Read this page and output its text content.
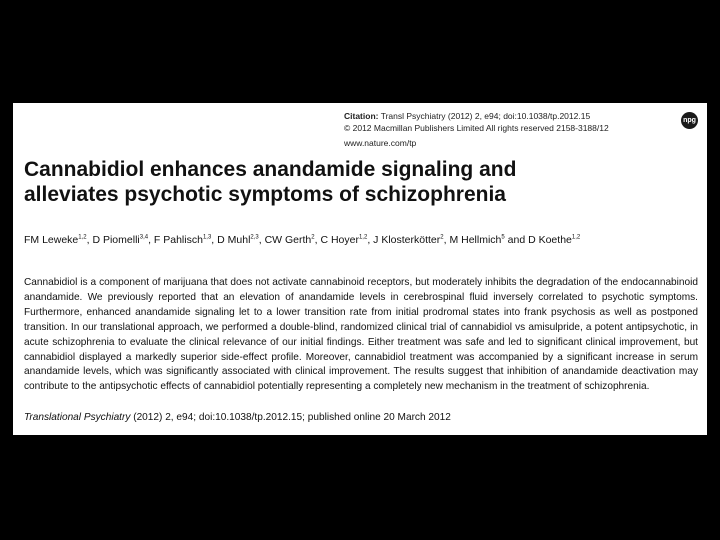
Citation: Transl Psychiatry (2012) 2, e94; doi:10.1038/tp.2012.15
© 2012 Macmillan Publishers Limited All rights reserved 2158-3188/12
www.nature.com/tp
npg
Cannabidiol enhances anandamide signaling and
alleviates psychotic symptoms of schizophrenia
FM Leweke$^{1,2}$, D Piomelli$^{3,4}$, F Pahlisch$^{1,3}$, D Muhl$^{2,3}$, CW Gerth$^2$, C Hoyer$^{1,2}$, J Klosterkötter$^2$, M Hellmich$^5$ and D Koethe$^{1,2}$
Cannabidiol is a component of marijuana that does not activate cannabinoid receptors, but moderately inhibits the degradation of the endocannabinoid anandamide. We previously reported that an elevation of anandamide levels in cerebrospinal fluid inversely correlated to psychotic symptoms. Furthermore, enhanced anandamide signaling let to a lower transition rate from initial prodromal states into frank psychosis as well as postponed transition. In our translational approach, we performed a double-blind, randomized clinical trial of cannabidiol vs amisulpride, a potent antipsychotic, in acute schizophrenia to evaluate the clinical relevance of our initial findings. Either treatment was safe and led to significant clinical improvement, but cannabidiol displayed a markedly superior side-effect profile. Moreover, cannabidiol treatment was accompanied by a significant increase in serum anandamide levels, which was significantly associated with clinical improvement. The results suggest that inhibition of anandamide deactivation may contribute to the antipsychotic effects of cannabidiol potentially representing a completely new mechanism in the treatment of schizophrenia.
Translational Psychiatry (2012) 2, e94; doi:10.1038/tp.2012.15; published online 20 March 2012
